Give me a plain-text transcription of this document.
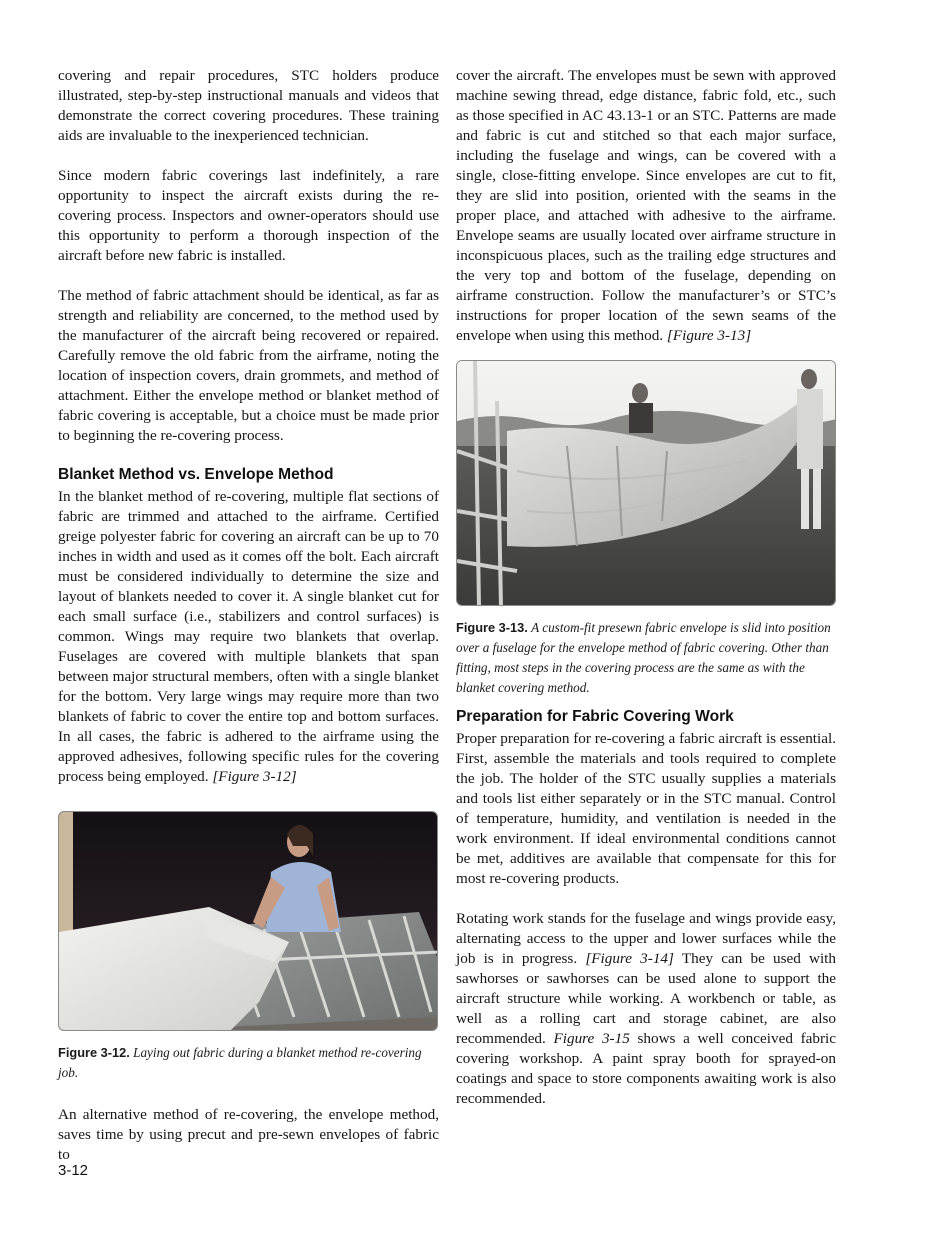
covering and repair procedures, STC holders produce illustrated, step-by-step instructional manuals and videos that demonstrate the correct covering procedures. These training aids are invaluable to the inexperienced technician.

Since modern fabric coverings last indefinitely, a rare opportunity to inspect the aircraft exists during the re-covering process. Inspectors and owner-operators should use this opportunity to perform a thorough inspection of the aircraft before new fabric is installed.

The method of fabric attachment should be identical, as far as strength and reliability are concerned, to the method used by the manufacturer of the aircraft being recovered or repaired. Carefully remove the old fabric from the airframe, noting the location of inspection covers, drain grommets, and method of attachment. Either the envelope method or blanket method of fabric covering is acceptable, but a choice must be made prior to beginning the re-covering process.

Blanket Method vs. Envelope Method

In the blanket method of re-covering, multiple flat sections of fabric are trimmed and attached to the airframe. Certified greige polyester fabric for covering an aircraft can be up to 70 inches in width and used as it comes off the bolt. Each aircraft must be considered individually to determine the size and layout of blankets needed to cover it. A single blanket cut for each small surface (i.e., stabilizers and control surfaces) is common. Wings may require two blankets that overlap. Fuselages are covered with multiple blankets that span between major structural members, often with a single blanket for the bottom. Very large wings may require more than two blankets of fabric to cover the entire top and bottom surfaces. In all cases, the fabric is adhered to the airframe using the approved adhesives, following specific rules for the covering process being employed. [Figure 3-12]

Figure 3-12. Laying out fabric during a blanket method re-covering job.

An alternative method of re-covering, the envelope method, saves time by using precut and pre-sewn envelopes of fabric to

cover the aircraft. The envelopes must be sewn with approved machine sewing thread, edge distance, fabric fold, etc., such as those specified in AC 43.13-1 or an STC. Patterns are made and fabric is cut and stitched so that each major surface, including the fuselage and wings, can be covered with a single, close-fitting envelope. Since envelopes are cut to fit, they are slid into position, oriented with the seams in the proper place, and attached with adhesive to the airframe. Envelope seams are usually located over airframe structure in inconspicuous places, such as the trailing edge structures and the very top and bottom of the fuselage, depending on airframe construction. Follow the manufacturer’s or STC’s instructions for proper location of the sewn seams of the envelope when using this method. [Figure 3-13]

Figure 3-13. A custom-fit presewn fabric envelope is slid into position over a fuselage for the envelope method of fabric covering. Other than fitting, most steps in the covering process are the same as with the blanket covering method.

Preparation for Fabric Covering Work

Proper preparation for re-covering a fabric aircraft is essential. First, assemble the materials and tools required to complete the job. The holder of the STC usually supplies a materials and tools list either separately or in the STC manual. Control of temperature, humidity, and ventilation is needed in the work environment. If ideal environmental conditions cannot be met, additives are available that compensate for this for most re-covering products.

Rotating work stands for the fuselage and wings provide easy, alternating access to the upper and lower surfaces while the job is in progress. [Figure 3-14] They can be used with sawhorses or sawhorses can be used alone to support the aircraft structure while working. A workbench or table, as well as a rolling cart and storage cabinet, are also recommended. Figure 3-15 shows a well conceived fabric covering workshop. A paint spray booth for sprayed-on coatings and space to store components awaiting work is also recommended.

3-12
